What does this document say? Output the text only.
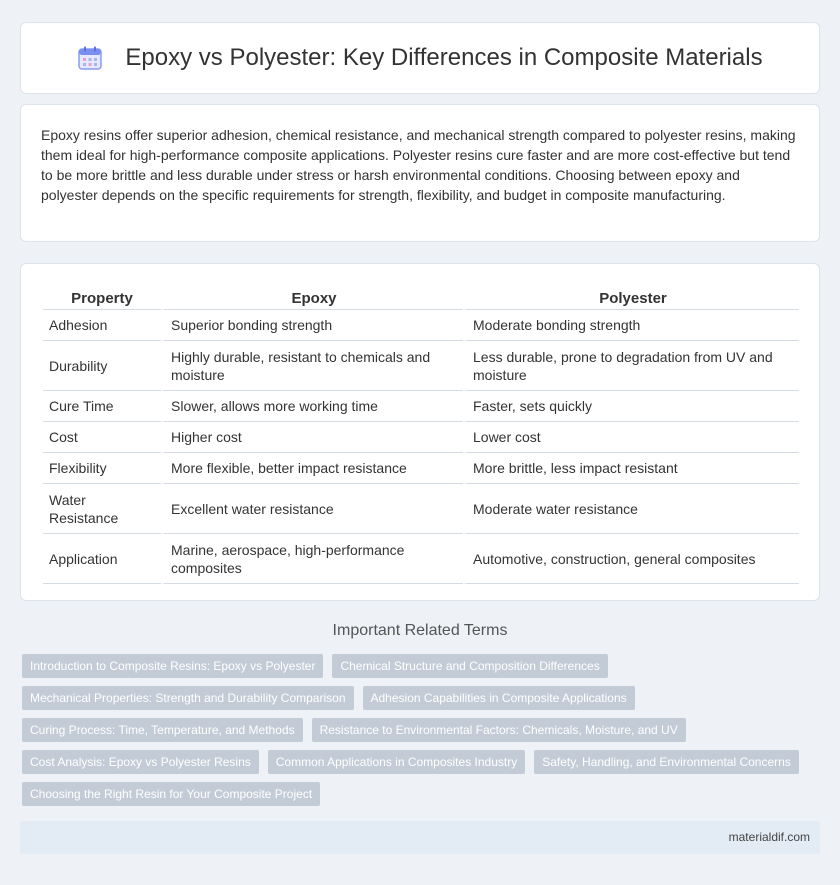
Epoxy vs Polyester: Key Differences in Composite Materials

Epoxy resins offer superior adhesion, chemical resistance, and mechanical strength compared to polyester resins, making them ideal for high-performance composite applications. Polyester resins cure faster and are more cost-effective but tend to be more brittle and less durable under stress or harsh environmental conditions. Choosing between epoxy and polyester depends on the specific requirements for strength, flexibility, and budget in composite manufacturing.

Property	Epoxy	Polyester
Adhesion	Superior bonding strength	Moderate bonding strength
Durability	Highly durable, resistant to chemicals and moisture	Less durable, prone to degradation from UV and moisture
Cure Time	Slower, allows more working time	Faster, sets quickly
Cost	Higher cost	Lower cost
Flexibility	More flexible, better impact resistance	More brittle, less impact resistant
Water Resistance	Excellent water resistance	Moderate water resistance
Application	Marine, aerospace, high-performance composites	Automotive, construction, general composites
Important Related Terms
Introduction to Composite Resins: Epoxy vs Polyester	Chemical Structure and Composition Differences
Mechanical Properties: Strength and Durability Comparison	Adhesion Capabilities in Composite Applications
Curing Process: Time, Temperature, and Methods	Resistance to Environmental Factors: Chemicals, Moisture, and UV
Cost Analysis: Epoxy vs Polyester Resins	Common Applications in Composites Industry	Safety, Handling, and Environmental Concerns
Choosing the Right Resin for Your Composite Project
materialdif.com
